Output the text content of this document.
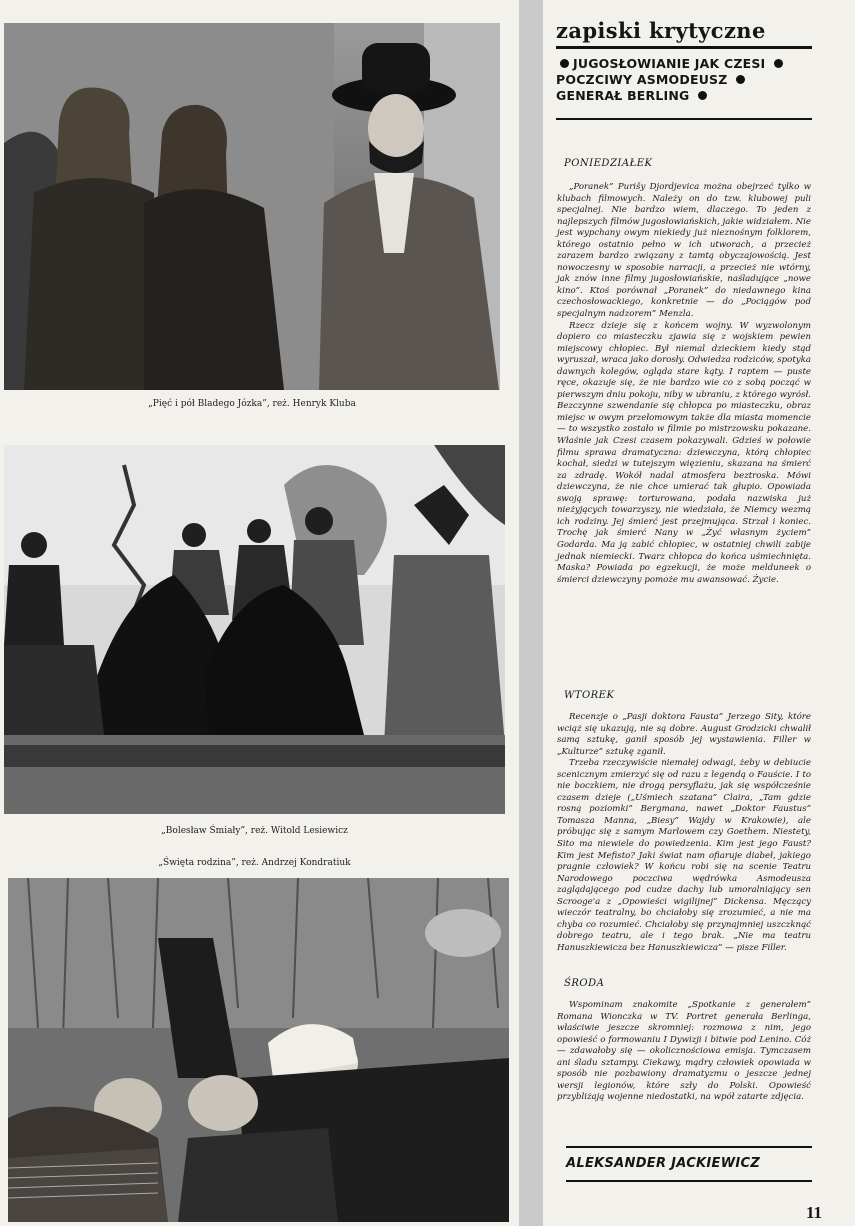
„Pięć i pół Bladego Józka”, reż. Henryk Kluba
„Bolesław Śmiały”, reż. Witold Lesiewicz
„Święta rodzina”, reż. Andrzej Kondratiuk
zapiski krytyczne
JUGOSŁOWIANIE JAK CZESI POCZCIWY ASMODEUSZ GENERAŁ BERLING
PONIEDZIAŁEK

„Poranek” Purišy Djordjevica można obejrzeć tylko w klubach filmowych. Należy on do tzw. klubowej puli specjalnej. Nie bardzo wiem, dlaczego. To jeden z najlepszych filmów jugosłowiańskich, jakie widziałem. Nie jest wypchany owym niekiedy już nieznośnym folklorem, którego ostatnio pełno w ich utworach, a przecież zarazem bardzo związany z tamtą obyczajowością. Jest nowoczesny w sposobie narracji, a przecież nie wtórny, jak znów inne filmy jugosłowiańskie, naśladujące „nowe kino”. Ktoś porównał „Poranek” do niedawnego kina czechosłowackiego, konkretnie — do „Pociągów pod specjalnym nadzorem” Menzla.

Rzecz dzieje się z końcem wojny. W wyzwolonym dopiero co miasteczku zjawia się z wojskiem pewien miejscowy chłopiec. Był niemal dzieckiem kiedy stąd wyruszał, wraca jako dorosły. Odwiedza rodziców, spotyka dawnych kolegów, ogląda stare kąty. I raptem — puste ręce, okazuje się, że nie bardzo wie co z sobą począć w pierwszym dniu pokoju, niby w ubraniu, z którego wyrósł. Bezczynne szwendanie się chłopca po miasteczku, obraz miejsc w owym przełomowym także dla miasta momencie — to wszystko zostało w filmie po mistrzowsku pokazane. Właśnie jak Czesi czasem pokazywali. Gdzieś w połowie filmu sprawa dramatyczna: dziewczyna, którą chłopiec kochał, siedzi w tutejszym więzieniu, skazana na śmierć za zdradę. Wokół nadal atmosfera beztroska. Mówi dziewczyna, że nie chce umierać tak głupio. Opowiada swoją sprawę: torturowana, podała nazwiska już nieżyjących towarzyszy, nie wiedziała, że Niemcy wezmą ich rodziny. Jej śmierć jest przejmująca. Strzał i koniec. Trochę jak śmierć Nany w „Żyć własnym życiem” Godarda. Ma ją zabić chłopiec, w ostatniej chwili zabije jednak niemiecki. Twarz chłopca do końca uśmiechnięta. Maska? Powiada po egzekucji, że może melduneek o śmierci dziewczyny pomoże mu awansować. Życie.

WTOREK

Recenzje o „Pasji doktora Fausta” Jerzego Sity, które wciąż się ukazują, nie są dobre. August Grodzicki chwalił samą sztukę, ganił sposób jej wystawienia. Filler w „Kulturze” sztukę zganił.

Trzeba rzeczywiście niemałej odwagi, żeby w debiucie scenicznym zmierzyć się od razu z legendą o Fauście. I to nie boczkiem, nie drogą persyflażu, jak się współcześnie czasem dzieje („Uśmiech szatana” Claira, „Tam gdzie rosną poziomki” Bergmana, nawet „Doktor Faustus” Tomasza Manna, „Biesy” Wajdy w Krakowie), ale próbując się z samym Marlowem czy Goethem. Niestety, Sito ma niewiele do powiedzenia. Kim jest jego Faust? Kim jest Mefisto? Jaki świat nam ofiaruje diabeł, jakiego pragnie człowiek? W końcu robi się na scenie Teatru Narodowego poczciwa wędrówka Asmodeusza zaglądającego pod cudze dachy lub umoralniający sen Scrooge'a z „Opowieści wigilijnej” Dickensa. Męczący wieczór teatralny, bo chciałoby się zrozumieć, a nie ma chyba co rozumieć. Chciałoby się przynajmniej uszczknąć dobrego teatru, ale i tego brak. „Nie ma teatru Hanuszkiewicza bez Hanuszkiewicza” — pisze Filler.

ŚRODA

Wspominam znakomite „Spotkanie z generałem” Romana Wionczka w TV. Portret generała Berlinga, właściwie jeszcze skromniej: rozmowa z nim, jego opowieść o formowaniu I Dywizji i bitwie pod Lenino. Cóż — zdawałoby się — okolicznościowa emisja. Tymczasem ani śladu sztampy. Ciekawy, mądry człowiek opowiada w sposób nie pozbawiony dramatyzmu o jeszcze jednej wersji legionów, które szły do Polski. Opowieść przybliżają wojenne niedostatki, na wpół zatarte zdjęcia.

ALEKSANDER JACKIEWICZ
11
